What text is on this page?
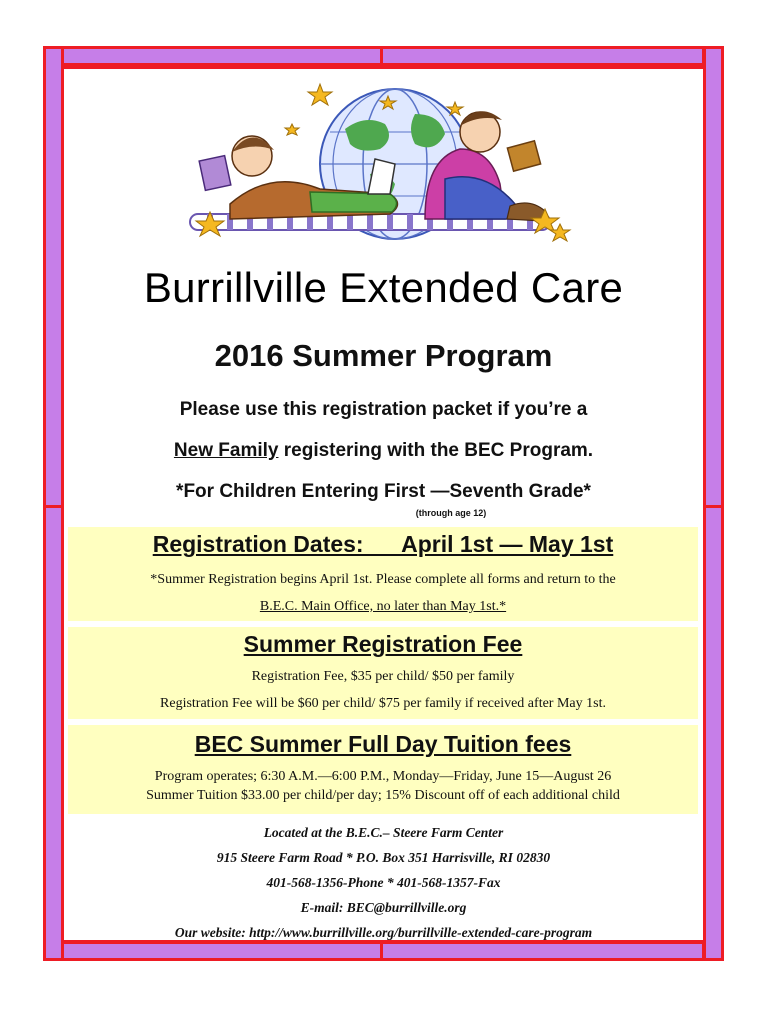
Burrillville Extended Care
2016 Summer Program
Please use this registration packet if you’re a
New Family registering with the BEC Program.
*For Children Entering First —Seventh Grade*
(through age 12)
Registration Dates:      April 1st — May 1st
*Summer Registration begins April 1st. Please complete all forms and return to the
B.E.C. Main Office, no later than May 1st.*
Summer Registration Fee
Registration Fee, $35 per child/ $50 per family
Registration Fee will be $60 per child/ $75 per family if received after May 1st.
BEC Summer Full Day Tuition fees
Program operates; 6:30 A.M.—6:00 P.M., Monday—Friday, June 15—August 26
Summer Tuition $33.00 per child/per day; 15% Discount off of each additional child
Located at the B.E.C.– Steere Farm Center
915 Steere Farm Road * P.O. Box 351 Harrisville, RI 02830
401-568-1356-Phone * 401-568-1357-Fax
E-mail: BEC@burrillville.org
Our website: http://www.burrillville.org/burrillville-extended-care-program
